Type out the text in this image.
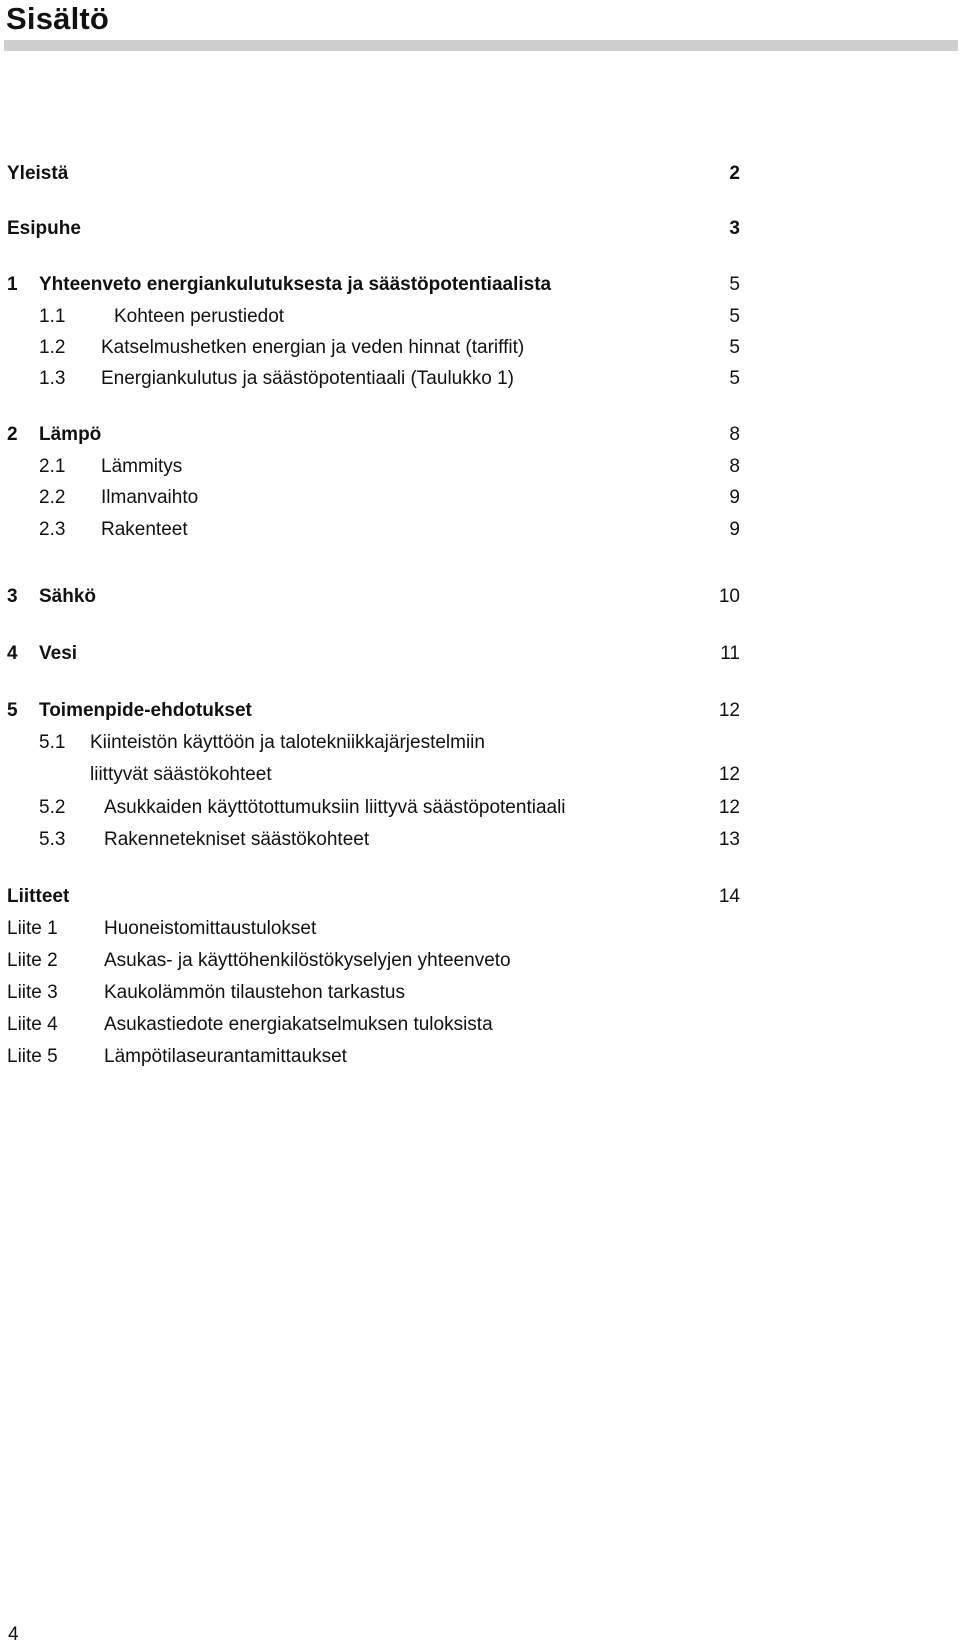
Sisältö
Yleistä	2
Esipuhe	3
1 Yhteenveto energiankulutuksesta ja säästöpotentiaalista	5
1.1	Kohteen perustiedot	5
1.2 Katselmushetken energian ja veden hinnat (tariffit)	5
1.3 Energiankulutus ja säästöpotentiaali (Taulukko 1)	5
2 Lämpö	8
2.1 Lämmitys	8
2.2 Ilmanvaihto	9
2.3 Rakenteet	9
3 Sähkö	10
4 Vesi	11
5 Toimenpide-ehdotukset	12
5.1 Kiinteistön käyttöön ja talotekniikkajärjestelmiin
liittyvät säästökohteet	12
5.2 Asukkaiden käyttötottumuksiin liittyvä säästöpotentiaali	12
5.3 Rakennetekniset säästökohteet	13
Liitteet	14
Liite 1 Huoneistomittaustulokset
Liite 2 Asukas- ja käyttöhenkilöstökyselyjen yhteenveto
Liite 3 Kaukolämmön tilaustehon tarkastus
Liite 4 Asukastiedote energiakatselmuksen tuloksista
Liite 5 Lämpötilaseurantamittaukset
4
